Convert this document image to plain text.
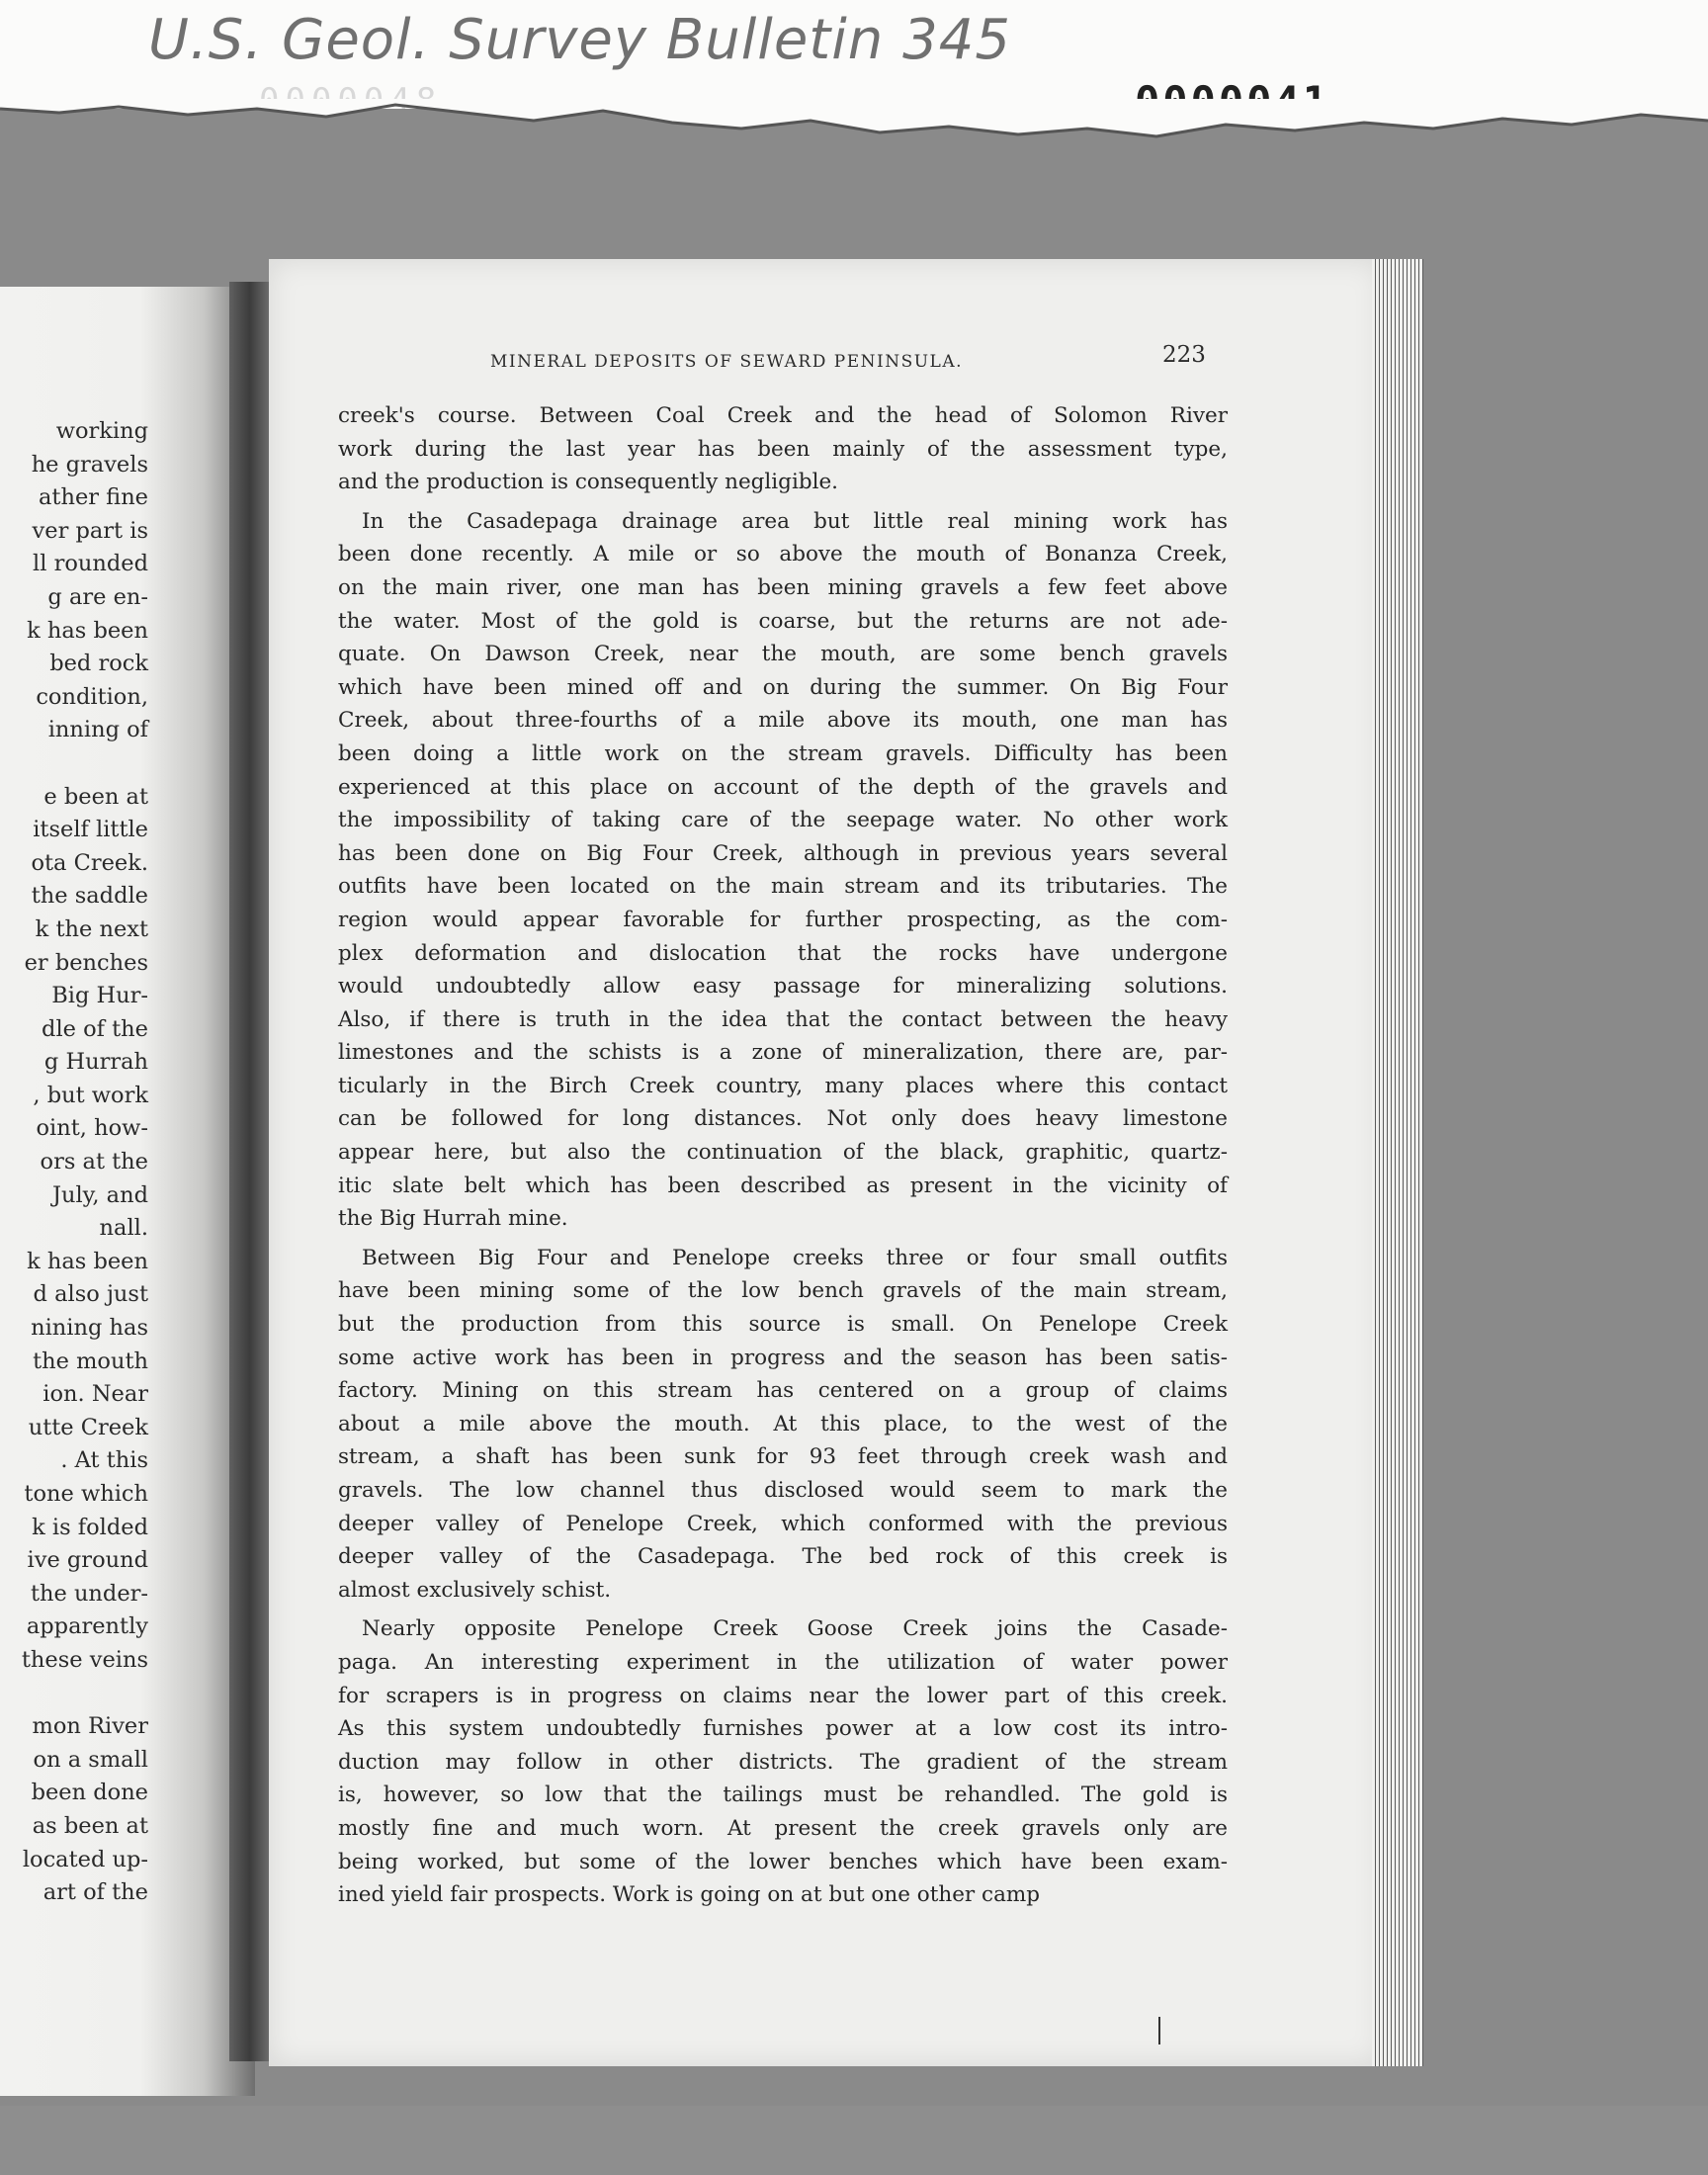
U.S. Geol. Survey Bulletin 345
working
he gravels
ather fine
ver part is
ll rounded
g are en-
k has been
bed rock
condition,
inning of
e been at
itself little
ota Creek.
the saddle
k the next
er benches
Big Hur-
dle of the
g Hurrah
, but work
oint, how-
ors at the
July, and
nall.
k has been
d also just
nining has
the mouth
ion. Near
utte Creek
. At this
tone which
k is folded
ive ground
the under-
apparently
these veins
mon River
on a small
been done
as been at
located up-
art of the
MINERAL DEPOSITS OF SEWARD PENINSULA.	223
creek's course. Between Coal Creek and the head of Solomon River
work during the last year has been mainly of the assessment type,
and the production is consequently negligible.
In the Casadepaga drainage area but little real mining work has
been done recently. A mile or so above the mouth of Bonanza Creek,
on the main river, one man has been mining gravels a few feet above
the water. Most of the gold is coarse, but the returns are not ade-
quate. On Dawson Creek, near the mouth, are some bench gravels
which have been mined off and on during the summer. On Big Four
Creek, about three-fourths of a mile above its mouth, one man has
been doing a little work on the stream gravels. Difficulty has been
experienced at this place on account of the depth of the gravels and
the impossibility of taking care of the seepage water. No other work
has been done on Big Four Creek, although in previous years several
outfits have been located on the main stream and its tributaries. The
region would appear favorable for further prospecting, as the com-
plex deformation and dislocation that the rocks have undergone
would undoubtedly allow easy passage for mineralizing solutions.
Also, if there is truth in the idea that the contact between the heavy
limestones and the schists is a zone of mineralization, there are, par-
ticularly in the Birch Creek country, many places where this contact
can be followed for long distances. Not only does heavy limestone
appear here, but also the continuation of the black, graphitic, quartz-
itic slate belt which has been described as present in the vicinity of
the Big Hurrah mine.
Between Big Four and Penelope creeks three or four small outfits
have been mining some of the low bench gravels of the main stream,
but the production from this source is small. On Penelope Creek
some active work has been in progress and the season has been satis-
factory. Mining on this stream has centered on a group of claims
about a mile above the mouth. At this place, to the west of the
stream, a shaft has been sunk for 93 feet through creek wash and
gravels. The low channel thus disclosed would seem to mark the
deeper valley of Penelope Creek, which conformed with the previous
deeper valley of the Casadepaga. The bed rock of this creek is
almost exclusively schist.
Nearly opposite Penelope Creek Goose Creek joins the Casade-
paga. An interesting experiment in the utilization of water power
for scrapers is in progress on claims near the lower part of this creek.
As this system undoubtedly furnishes power at a low cost its intro-
duction may follow in other districts. The gradient of the stream
is, however, so low that the tailings must be rehandled. The gold is
mostly fine and much worn. At present the creek gravels only are
being worked, but some of the lower benches which have been exam-
ined yield fair prospects. Work is going on at but one other camp
